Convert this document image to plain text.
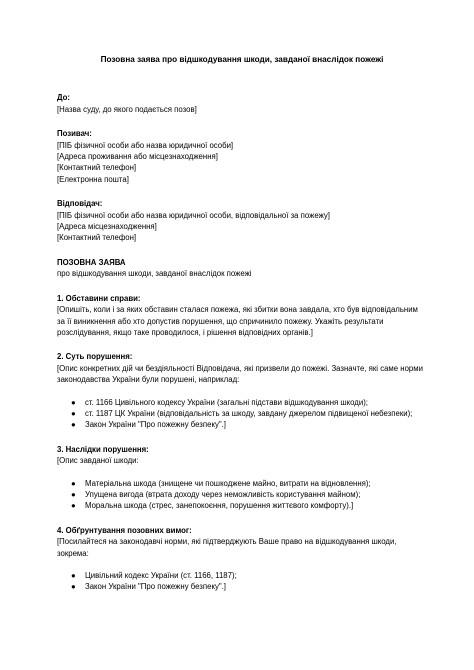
Позовна заява про відшкодування шкоди, завданої внаслідок пожежі
До:
[Назва суду, до якого подається позов]
Позивач:
[ПІБ фізичної особи або назва юридичної особи]
[Адреса проживання або місцезнаходження]
[Контактний телефон]
[Електронна пошта]
Відповідач:
[ПІБ фізичної особи або назва юридичної особи, відповідальної за пожежу]
[Адреса місцезнаходження]
[Контактний телефон]
ПОЗОВНА ЗАЯВА
про відшкодування шкоди, завданої внаслідок пожежі
1. Обставини справи:
[Опишіть, коли і за яких обставин сталася пожежа, які збитки вона завдала, хто був відповідальним за її виникнення або хто допустив порушення, що спричинило пожежу. Укажіть результати розслідування, якщо таке проводилося, і рішення відповідних органів.]
2. Суть порушення:
[Опис конкретних дій чи бездіяльності Відповідача, які призвели до пожежі. Зазначте, які саме норми законодавства України були порушені, наприклад:
● ст. 1166 Цивільного кодексу України (загальні підстави відшкодування шкоди);
● ст. 1187 ЦК України (відповідальність за шкоду, завдану джерелом підвищеної небезпеки);
● Закон України "Про пожежну безпеку".]
3. Наслідки порушення:
[Опис завданої шкоди:
● Матеріальна шкода (знищене чи пошкоджене майно, витрати на відновлення);
● Упущена вигода (втрата доходу через неможливість користування майном);
● Моральна шкода (стрес, занепокоєння, порушення життєвого комфорту).]
4. Обґрунтування позовних вимог:
[Посилайтеся на законодавчі норми, які підтверджують Ваше право на відшкодування шкоди, зокрема:
● Цивільний кодекс України (ст. 1166, 1187);
● Закон України "Про пожежну безпеку".]
